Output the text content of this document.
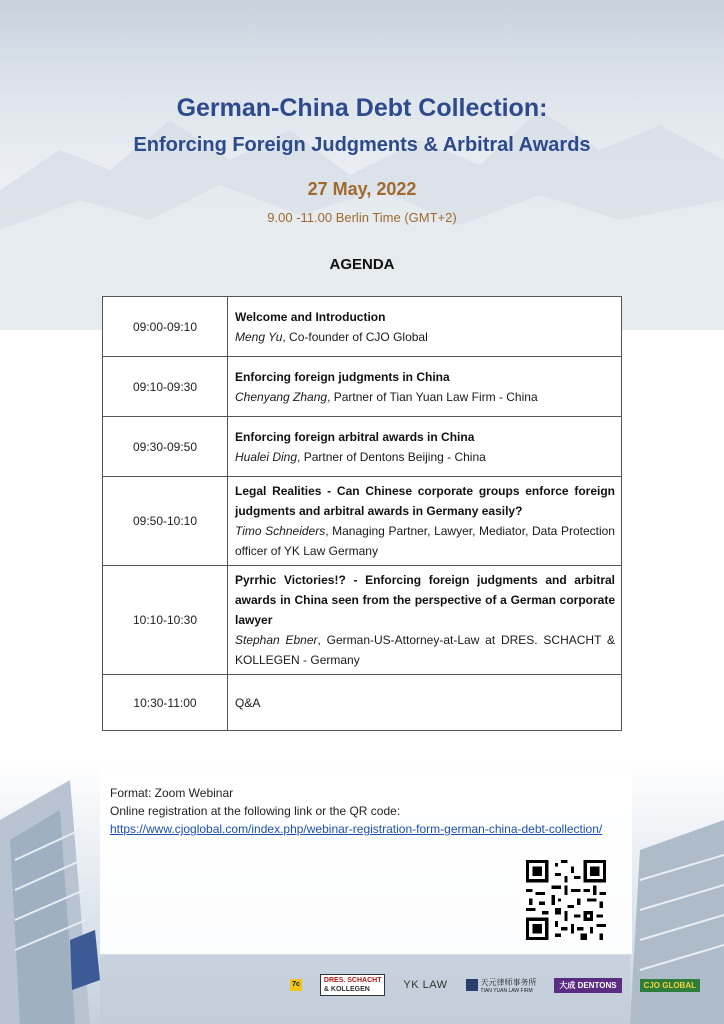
German-China Debt Collection:
Enforcing Foreign Judgments & Arbitral Awards
27 May, 2022
9.00 -11.00 Berlin Time (GMT+2)
AGENDA
09:00-09:10	Welcome and Introduction
Meng Yu, Co-founder of CJO Global

09:10-09:30	Enforcing foreign judgments in China
Chenyang Zhang, Partner of Tian Yuan Law Firm - China

09:30-09:50	Enforcing foreign arbitral awards in China
Hualei Ding, Partner of Dentons Beijing - China

09:50-10:10	Legal Realities - Can Chinese corporate groups enforce foreign judgments and arbitral awards in Germany easily?
Timo Schneiders, Managing Partner, Lawyer, Mediator, Data Protection officer of YK Law Germany

10:10-10:30	Pyrrhic Victories!? - Enforcing foreign judgments and arbitral awards in China seen from the perspective of a German corporate lawyer
Stephan Ebner, German-US-Attorney-at-Law at DRES. SCHACHT & KOLLEGEN - Germany

10:30-11:00	Q&A
Format: Zoom Webinar
Online registration at the following link or the QR code:
https://www.cjoglobal.com/index.php/webinar-registration-form-german-china-debt-collection/
7c
DRES. SCHACHT
& KOLLEGEN	YK LAW	天元律师事务所
TIAN YUAN LAW FIRM
大成 DENTONS	CJO GLOBAL
